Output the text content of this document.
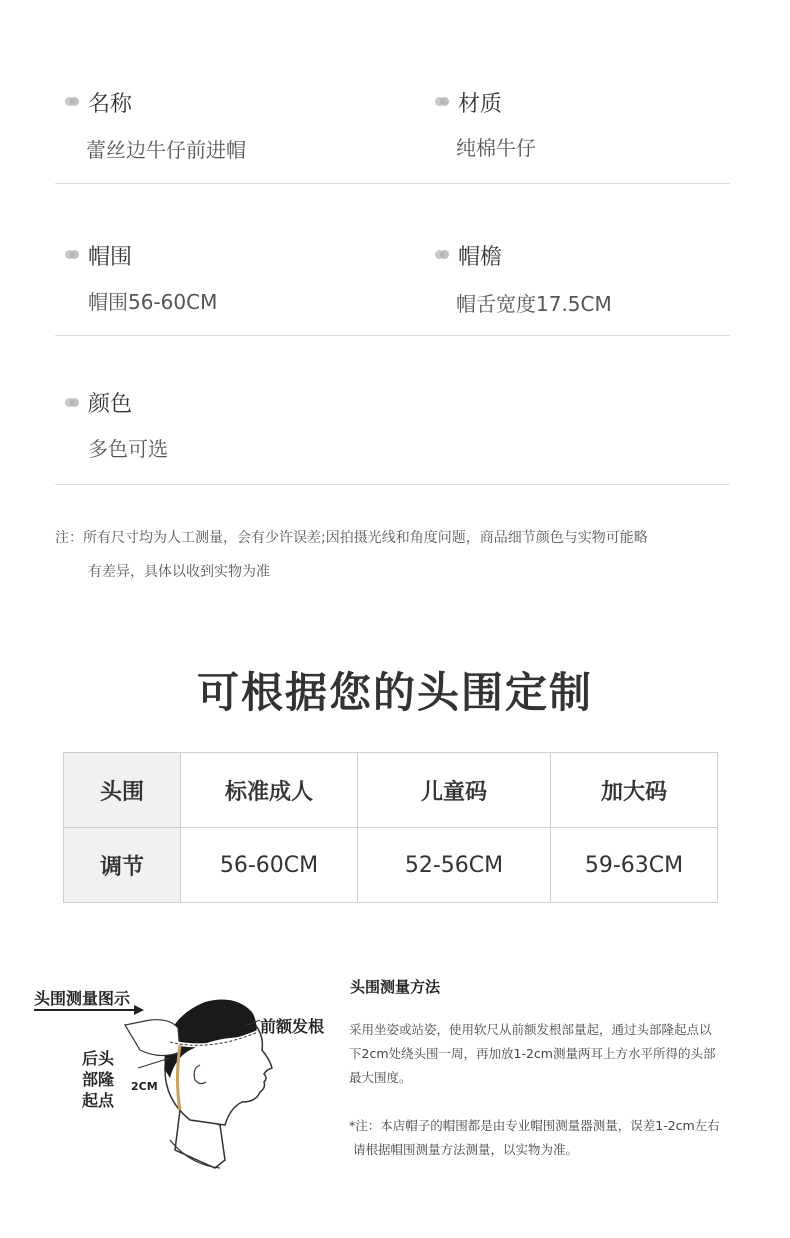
名称
蕾丝边牛仔前进帽
材质
纯棉牛仔
帽围
帽围56-60CM
帽檐
帽舌宽度17.5CM
颜色
多色可选
注：所有尺寸均为人工测量，会有少许误差;因拍摄光线和角度问题，商品细节颜色与实物可能略
有差异，具体以收到实物为准
可根据您的头围定制
头围	标准成人	儿童码	加大码
调节	56-60CM	52-56CM	59-63CM
头围测量图示
前额发根
后头
部隆
起点
2CM
头围测量方法
采用坐姿或站姿，使用软尺从前额发根部量起，通过头部隆起点以
下2cm处绕头围一周，再加放1-2cm测量两耳上方水平所得的头部
最大围度。
*注：本店帽子的帽围都是由专业帽围测量器测量，误差1-2cm左右
请根据帽围测量方法测量，以实物为准。
